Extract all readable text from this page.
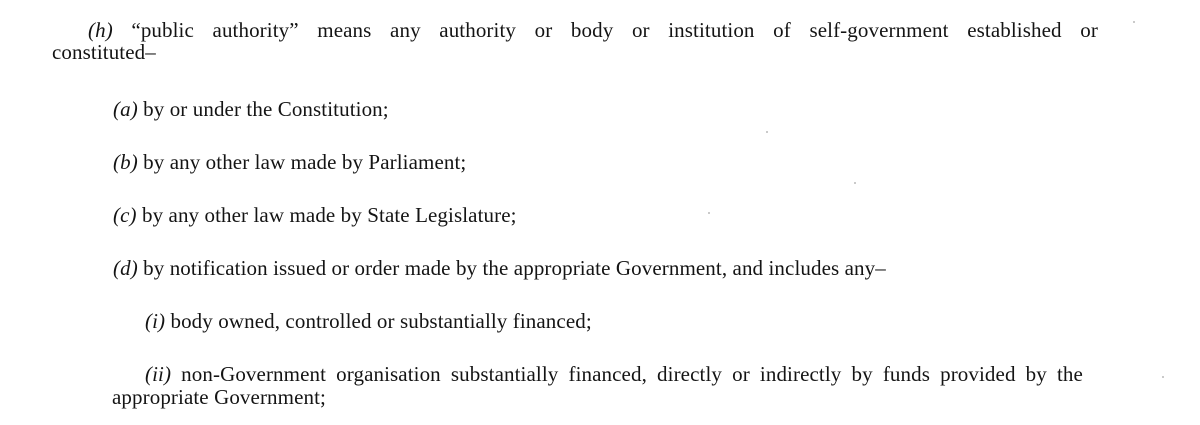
(h) “public authority” means any authority or body or institution of self-government established or
constituted–
(a) by or under the Constitution;
(b) by any other law made by Parliament;
(c) by any other law made by State Legislature;
(d) by notification issued or order made by the appropriate Government, and includes any–
(i) body owned, controlled or substantially financed;
(ii) non-Government organisation substantially financed, directly or indirectly by funds provided by the
appropriate Government;
